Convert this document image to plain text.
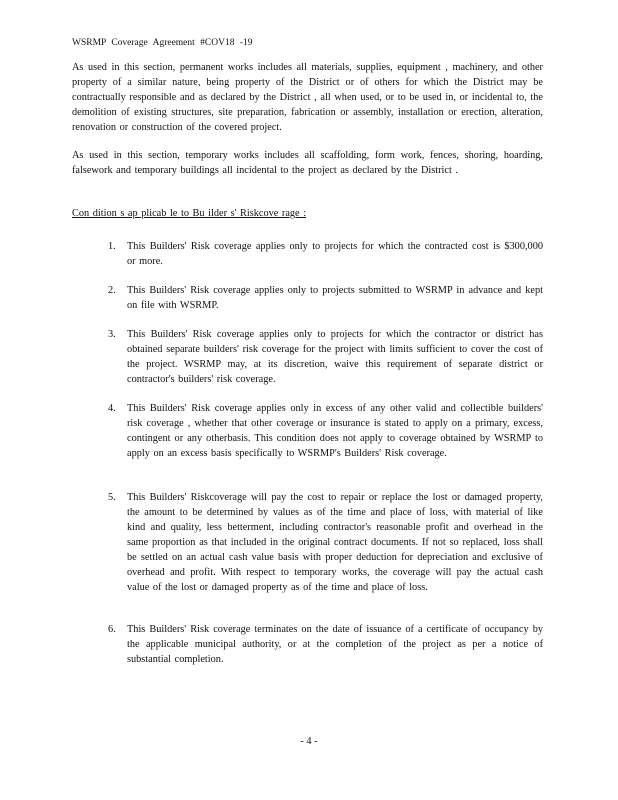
WSRMP Coverage Agreement #COV18 -19
As used in this section, permanent works includes all materials, supplies, equipment , machinery, and other property of a similar nature, being property of the District or of others for which the District may be contractually responsible and as declared by the District , all when used, or to be used in, or incidental to, the demolition of existing structures, site preparation, fabrication or assembly, installation or erection, alteration, renovation or construction of the covered project.
As used in this section, temporary works includes all scaffolding, form work, fences, shoring, hoarding, falsework and temporary buildings all incidental to the project as declared by the District .
Con dition s ap plicab le to Bu ilder s' Riskcove rage :
1. This Builders' Risk coverage applies only to projects for which the contracted cost is $300,000 or more.
2. This Builders' Risk coverage applies only to projects submitted to WSRMP in advance and kept on file with WSRMP.
3. This Builders' Risk coverage applies only to projects for which the contractor or district has obtained separate builders' risk coverage for the project with limits sufficient to cover the cost of the project. WSRMP may, at its discretion, waive this requirement of separate district or contractor's builders' risk coverage.
4. This Builders' Risk coverage applies only in excess of any other valid and collectible builders' risk coverage , whether that other coverage or insurance is stated to apply on a primary, excess, contingent or any otherbasis. This condition does not apply to coverage obtained by WSRMP to apply on an excess basis specifically to WSRMP's Builders' Risk coverage.
5. This Builders' Riskcoverage will pay the cost to repair or replace the lost or damaged property, the amount to be determined by values as of the time and place of loss, with material of like kind and quality, less betterment, including contractor's reasonable profit and overhead in the same proportion as that included in the original contract documents. If not so replaced, loss shall be settled on an actual cash value basis with proper deduction for depreciation and exclusive of overhead and profit. With respect to temporary works, the coverage will pay the actual cash value of the lost or damaged property as of the time and place of loss.
6. This Builders' Risk coverage terminates on the date of issuance of a certificate of occupancy by the applicable municipal authority, or at the completion of the project as per a notice of substantial completion.
- 4 -
